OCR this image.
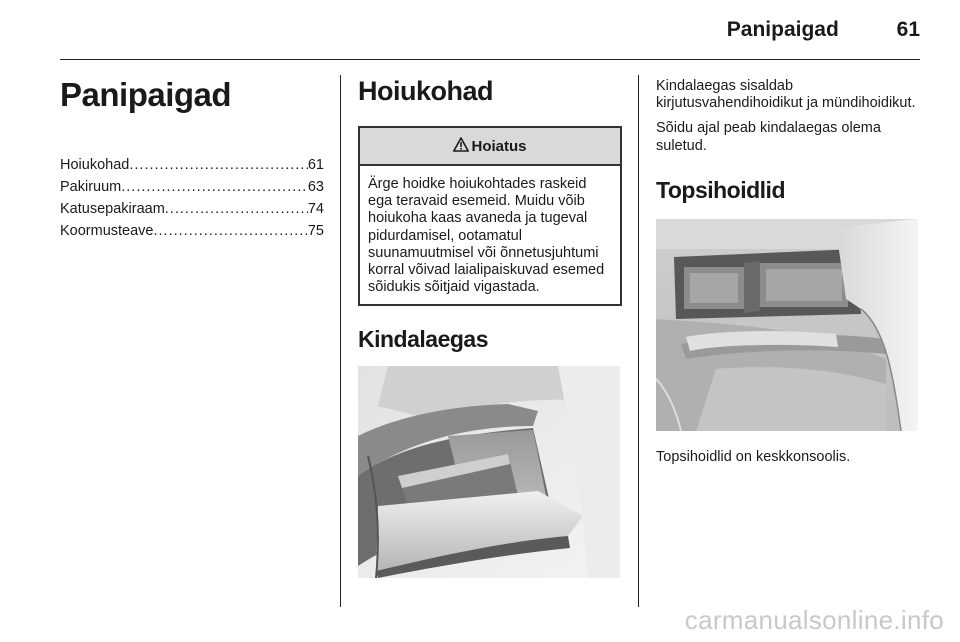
Panipaigad	61
Panipaigad
Hoiukohad .....	61
Pakiruum .....	63
Katusepakiraam .....	74
Koormusteave .....	75
Hoiukohad
Hoiatus
Ärge hoidke hoiukohtades raskeid ega teravaid esemeid. Muidu võib hoiukoha kaas avaneda ja tugeval pidurdamisel, ootamatul suunamuutmisel või õnnetusjuhtumi korral võivad laialipaiskuvad esemed sõidukis sõitjaid vigastada.
Kindalaegas

Kindalaegas sisaldab kirjutusvahendihoidikut ja mündihoidikut.

Sõidu ajal peab kindalaegas olema suletud.

Topsihoidlid

Topsihoidlid on keskkonsoolis.

carmanualsonline.info
